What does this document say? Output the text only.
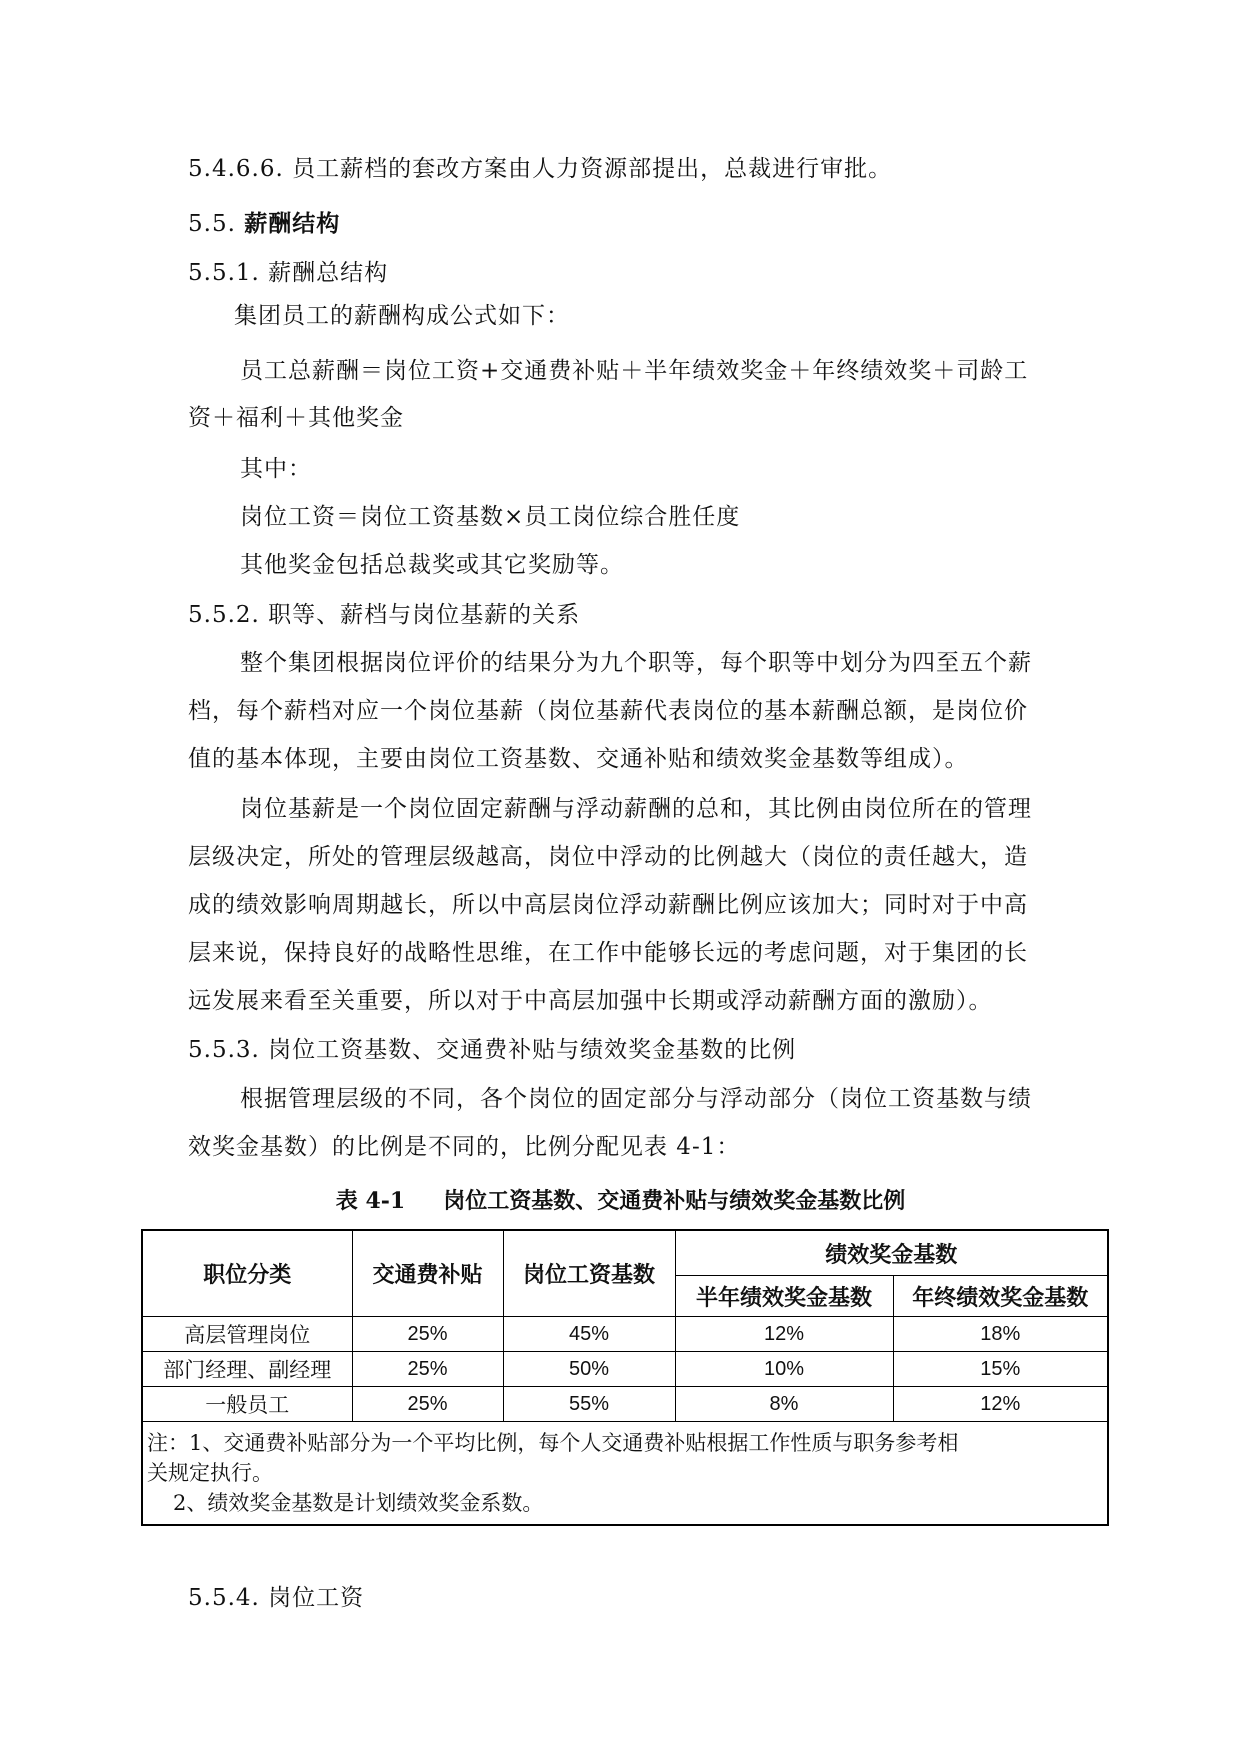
5.4.6.6. 员工薪档的套改方案由人力资源部提出，总裁进行审批。
5.5. 薪酬结构
5.5.1. 薪酬总结构
集团员工的薪酬构成公式如下：
员工总薪酬＝岗位工资+交通费补贴＋半年绩效奖金＋年终绩效奖＋司龄工
资＋福利＋其他奖金
其中：
岗位工资＝岗位工资基数×员工岗位综合胜任度
其他奖金包括总裁奖或其它奖励等。
5.5.2. 职等、薪档与岗位基薪的关系
整个集团根据岗位评价的结果分为九个职等，每个职等中划分为四至五个薪
档，每个薪档对应一个岗位基薪（岗位基薪代表岗位的基本薪酬总额，是岗位价
值的基本体现，主要由岗位工资基数、交通补贴和绩效奖金基数等组成）。
岗位基薪是一个岗位固定薪酬与浮动薪酬的总和，其比例由岗位所在的管理
层级决定，所处的管理层级越高，岗位中浮动的比例越大（岗位的责任越大，造
成的绩效影响周期越长，所以中高层岗位浮动薪酬比例应该加大；同时对于中高
层来说，保持良好的战略性思维，在工作中能够长远的考虑问题，对于集团的长
远发展来看至关重要，所以对于中高层加强中长期或浮动薪酬方面的激励）。
5.5.3. 岗位工资基数、交通费补贴与绩效奖金基数的比例
根据管理层级的不同，各个岗位的固定部分与浮动部分（岗位工资基数与绩
效奖金基数）的比例是不同的，比例分配见表 4-1：
表 4-1 岗位工资基数、交通费补贴与绩效奖金基数比例
职位分类	交通费补贴	岗位工资基数	绩效奖金基数	
			半年绩效奖金基数	年终绩效奖金基数
高层管理岗位	25%	45%	12%	18%
部门经理、副经理	25%	50%	10%	15%
一般员工	25%	55%	8%	12%

注：1、交通费补贴部分为一个平均比例，每个人交通费补贴根据工作性质与职务参考相
关规定执行。
2、绩效奖金基数是计划绩效奖金系数。				
5.5.4. 岗位工资
